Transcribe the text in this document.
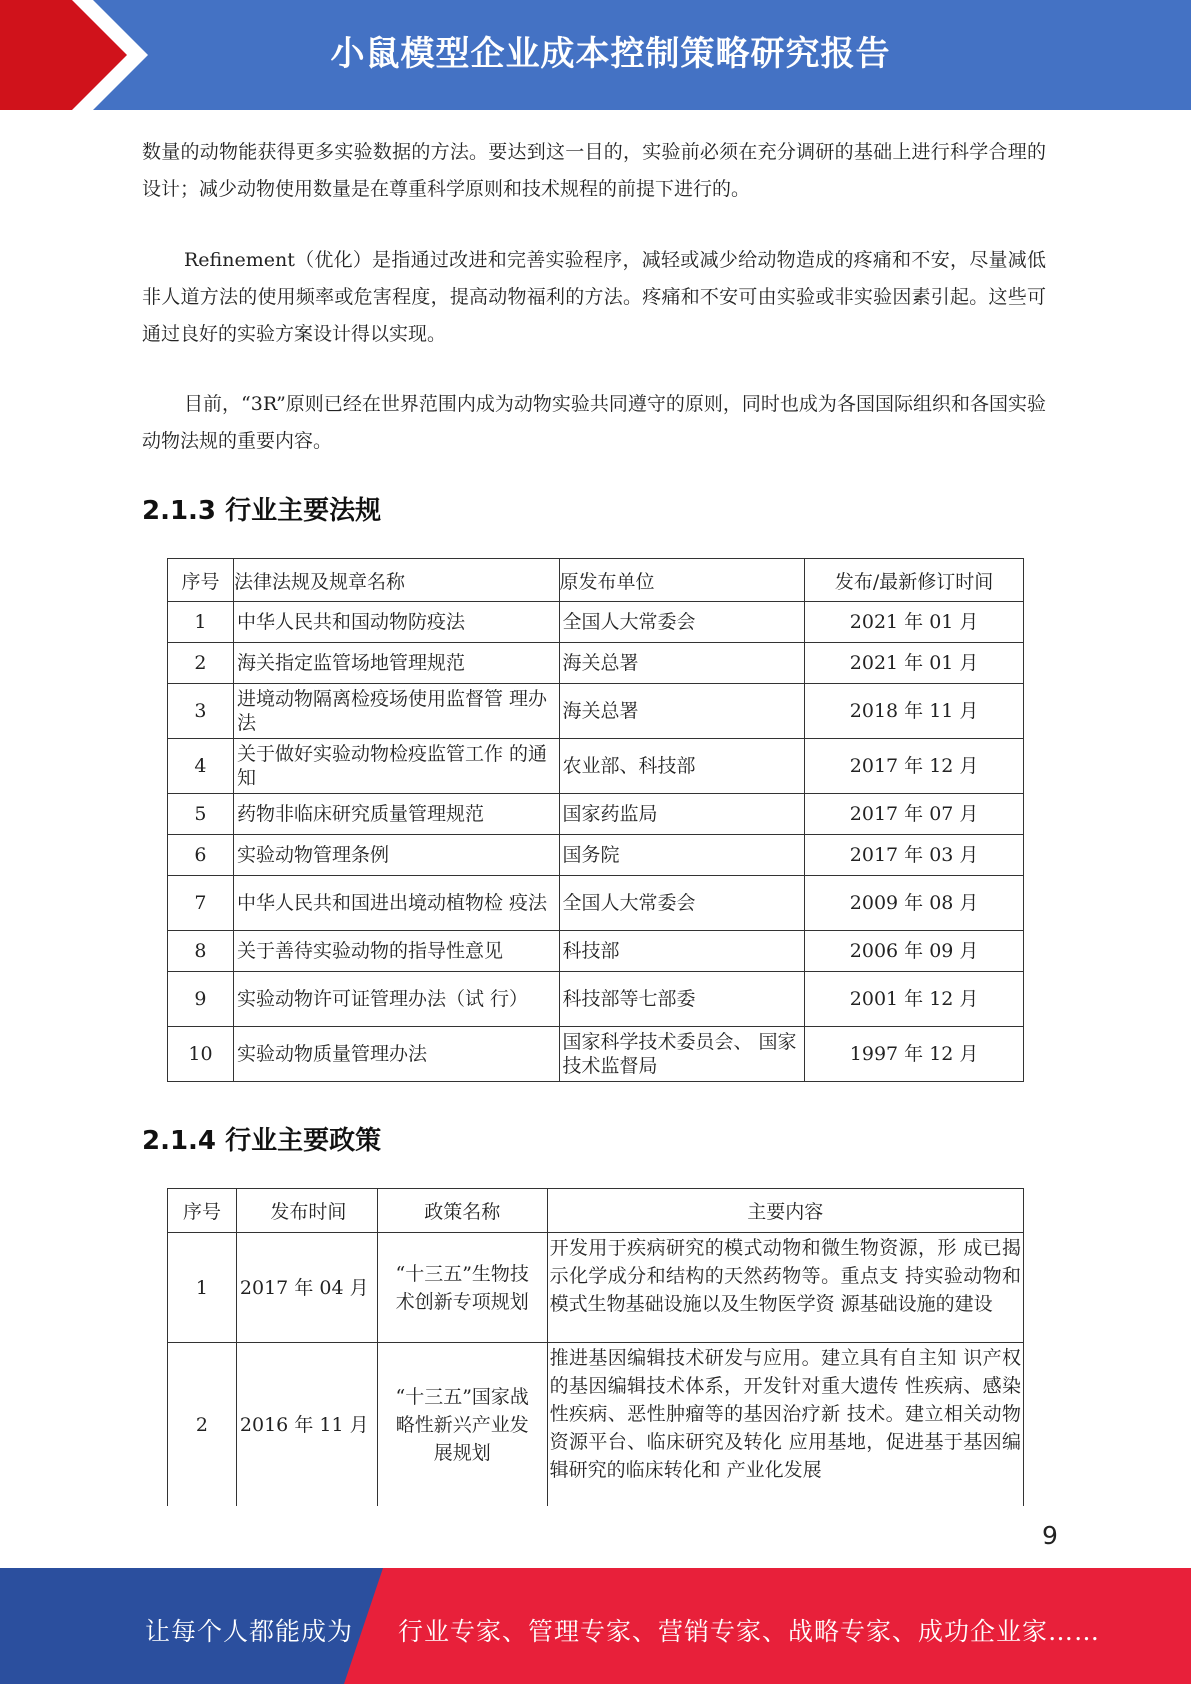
小鼠模型企业成本控制策略研究报告
数量的动物能获得更多实验数据的方法。要达到这一目的，实验前必须在充分调研的基础上进行科学合理的设计；减少动物使用数量是在尊重科学原则和技术规程的前提下进行的。
Refinement（优化）是指通过改进和完善实验程序，减轻或减少给动物造成的疼痛和不安，尽量减低非人道方法的使用频率或危害程度，提高动物福利的方法。疼痛和不安可由实验或非实验因素引起。这些可通过良好的实验方案设计得以实现。
目前，“3R”原则已经在世界范围内成为动物实验共同遵守的原则，同时也成为各国国际组织和各国实验动物法规的重要内容。
2.1.3 行业主要法规
序号	法律法规及规章名称	原发布单位	发布/最新修订时间
1	中华人民共和国动物防疫法	全国人大常委会	2021 年 01 月
2	海关指定监管场地管理规范	海关总署	2021 年 01 月
3	进境动物隔离检疫场使用监督管 理办法	海关总署	2018 年 11 月
4	关于做好实验动物检疫监管工作 的通知	农业部、科技部	2017 年 12 月
5	药物非临床研究质量管理规范	国家药监局	2017 年 07 月
6	实验动物管理条例	国务院	2017 年 03 月
7	中华人民共和国进出境动植物检 疫法	全国人大常委会	2009 年 08 月
8	关于善待实验动物的指导性意见	科技部	2006 年 09 月
9	实验动物许可证管理办法（试 行）	科技部等七部委	2001 年 12 月
10	实验动物质量管理办法	国家科学技术委员会、 国家技术监督局	1997 年 12 月
2.1.4 行业主要政策
序号	发布时间	政策名称	主要内容
1	2017 年 04 月	“十三五”生物技术创新专项规划	开发用于疾病研究的模式动物和微生物资源，形 成已揭示化学成分和结构的天然药物等。重点支 持实验动物和模式生物基础设施以及生物医学资 源基础设施的建设
2	2016 年 11 月	“十三五”国家战略性新兴产业发展规划	推进基因编辑技术研发与应用。建立具有自主知 识产权的基因编辑技术体系，开发针对重大遗传 性疾病、感染性疾病、恶性肿瘤等的基因治疗新 技术。建立相关动物资源平台、临床研究及转化 应用基地，促进基于基因编辑研究的临床转化和 产业化发展
9
让每个人都能成为 行业专家、管理专家、营销专家、战略专家、成功企业家……
